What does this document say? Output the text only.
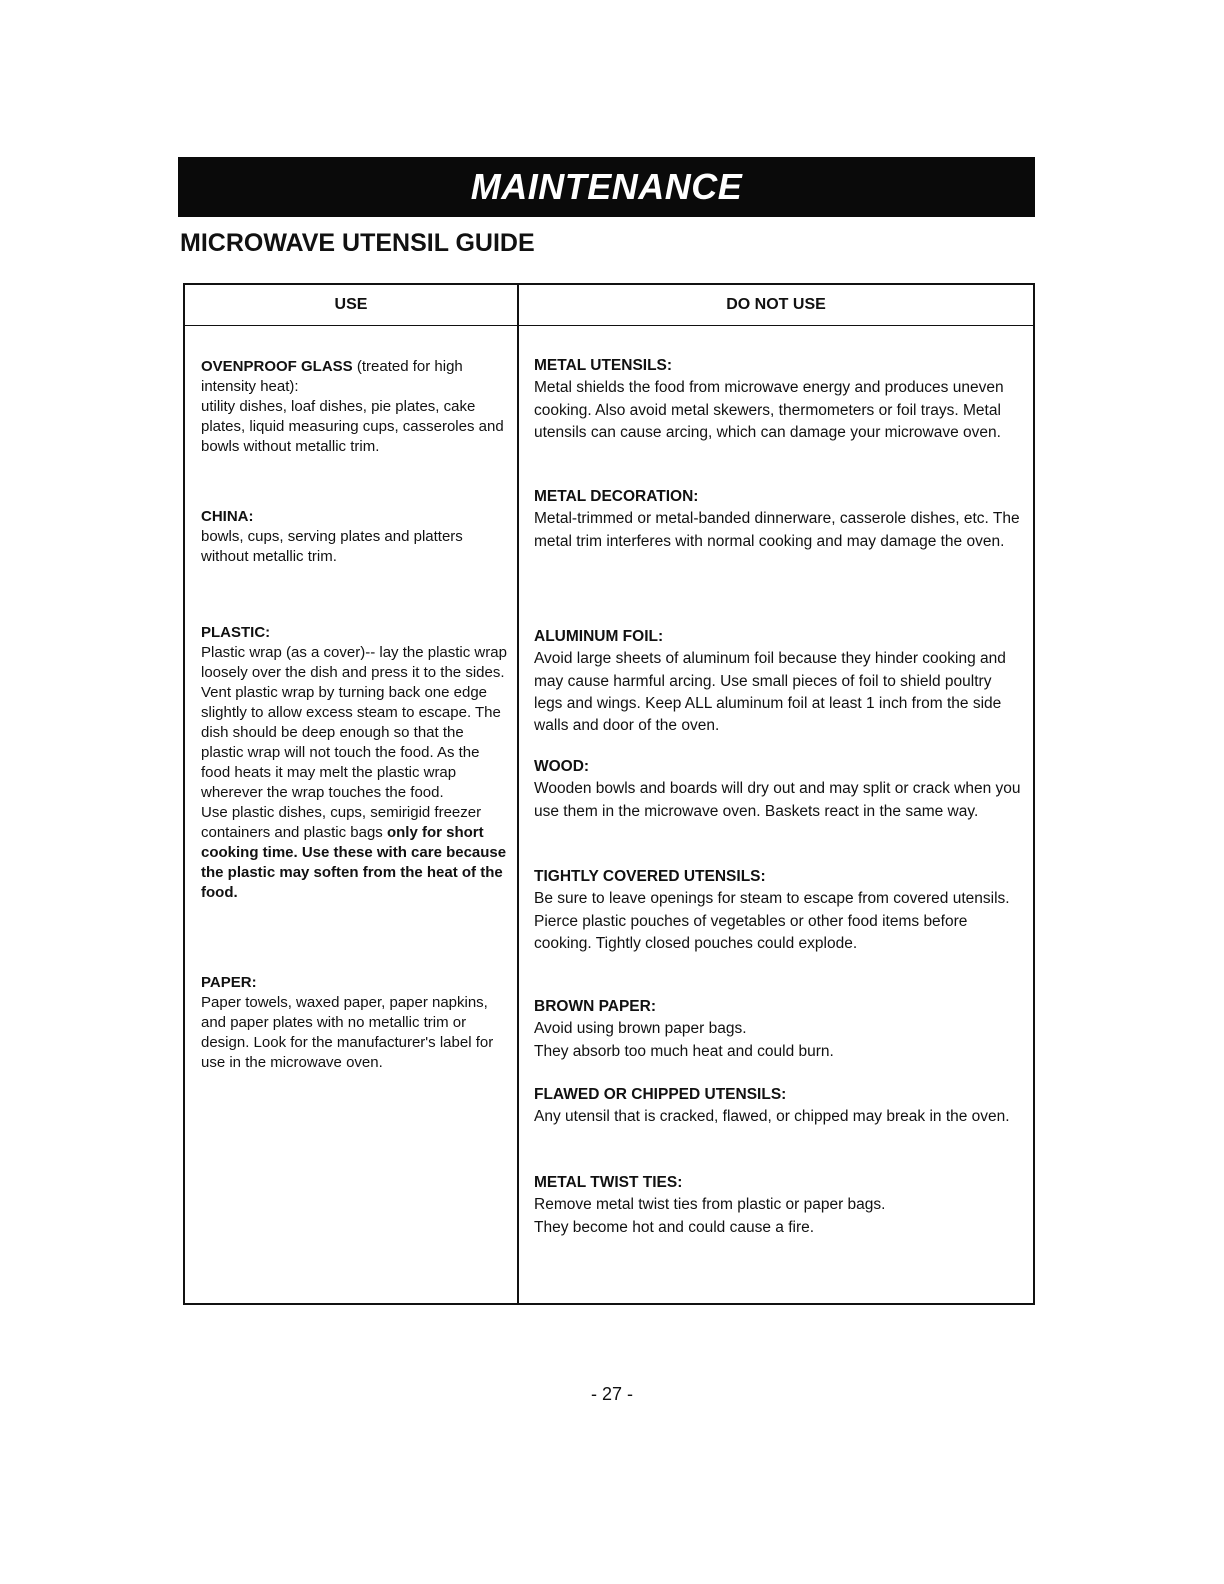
MAINTENANCE
MICROWAVE UTENSIL GUIDE
USE	DO NOT USE

OVENPROOF GLASS (treated for high intensity heat):

utility dishes, loaf dishes, pie plates, cake plates, liquid measuring cups, casseroles and bowls without metallic trim.

CHINA:

bowls, cups, serving plates and platters without metallic trim.

PLASTIC:

Plastic wrap (as a cover)-- lay the plastic wrap loosely over the dish and press it to the sides.

Vent plastic wrap by turning back one edge slightly to allow excess steam to escape. The dish should be deep enough so that the plastic wrap will not touch the food. As the food heats it may melt the plastic wrap wherever the wrap touches the food.

Use plastic dishes, cups, semirigid freezer containers and plastic bags only for short cooking time. Use these with care because the plastic may soften from the heat of the food.

PAPER:

Paper towels, waxed paper, paper napkins, and paper plates with no metallic trim or design. Look for the manufacturer's label for use in the microwave oven.

METAL UTENSILS:

Metal shields the food from microwave energy and produces uneven cooking. Also avoid metal skewers, thermometers or foil trays. Metal utensils can cause arcing, which can damage your microwave oven.

METAL DECORATION:

Metal-trimmed or metal-banded dinnerware, casserole dishes, etc. The metal trim interferes with normal cooking and may damage the oven.

ALUMINUM FOIL:

Avoid large sheets of aluminum foil because they hinder cooking and may cause harmful arcing. Use small pieces of foil to shield poultry legs and wings. Keep ALL aluminum foil at least 1 inch from the side walls and door of the oven.

WOOD:

Wooden bowls and boards will dry out and may split or crack when you use them in the microwave oven. Baskets react in the same way.

TIGHTLY COVERED UTENSILS:

Be sure to leave openings for steam to escape from covered utensils. Pierce plastic pouches of vegetables or other food items before cooking. Tightly closed pouches could explode.

BROWN PAPER:

Avoid using brown paper bags.

They absorb too much heat and could burn.

FLAWED OR CHIPPED UTENSILS:

Any utensil that is cracked, flawed, or chipped may break in the oven.

METAL TWIST TIES:

Remove metal twist ties from plastic or paper bags.

They become hot and could cause a fire.

- 27 -
